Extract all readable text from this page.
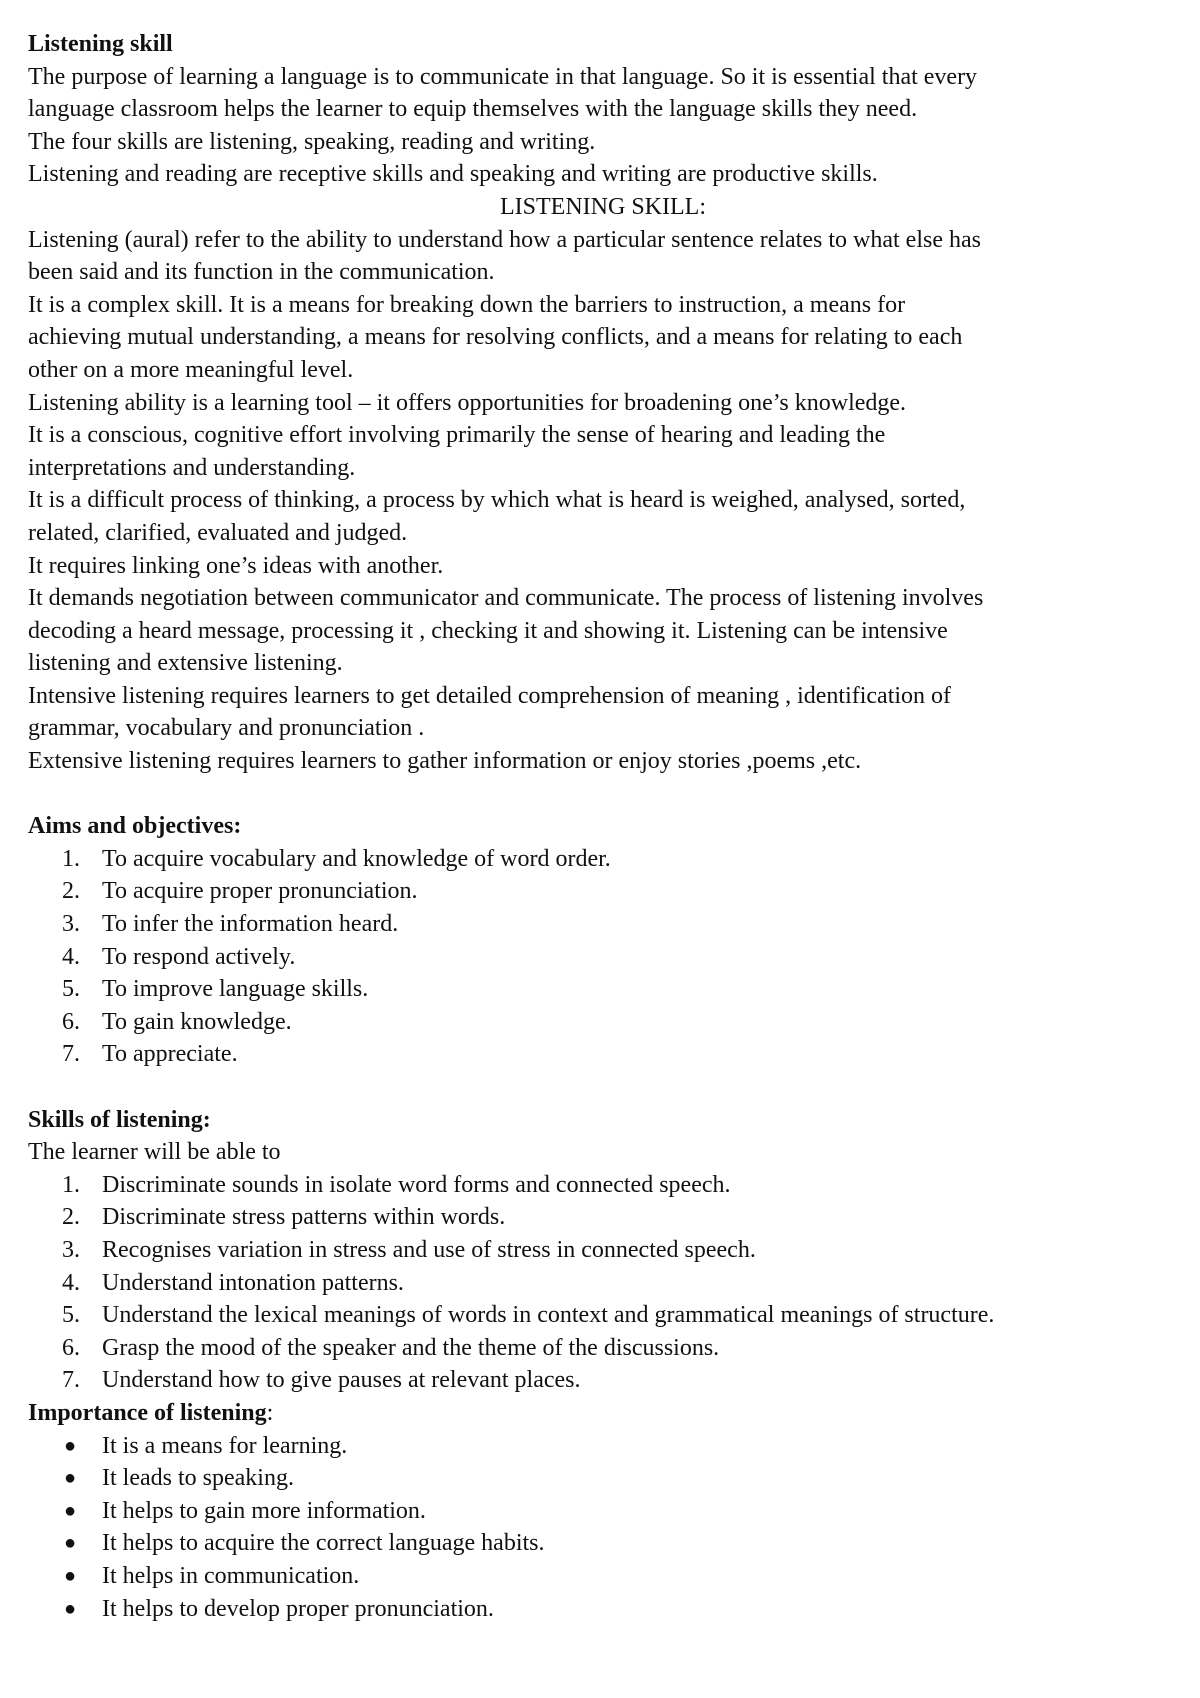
Listening skill

The purpose of learning a language is to communicate in that language. So it is essential that every

language classroom helps the learner to equip themselves with the language skills they need.

The four skills are listening, speaking, reading and writing.

Listening and reading are receptive skills and speaking and writing are productive skills.

LISTENING SKILL:

Listening (aural) refer to the ability to understand how a particular sentence relates to what else has

been said and its function in the communication.

It is a complex skill. It is a means for breaking down the barriers to instruction, a means for

achieving mutual understanding, a means for resolving conflicts, and a means for relating to each

other on a more meaningful level.

Listening ability is a learning tool – it offers opportunities for broadening one’s knowledge.

It is a conscious, cognitive effort involving primarily the sense of hearing and leading the

interpretations and understanding.

It is a difficult process of thinking, a process by which what is heard is weighed, analysed, sorted,

related, clarified, evaluated and judged.

It requires linking one’s ideas with another.

It demands negotiation between communicator and communicate. The process of listening involves

decoding a heard message, processing it , checking it and showing it. Listening can be intensive

listening and extensive listening.

Intensive listening requires learners to get detailed comprehension of meaning , identification of

grammar, vocabulary and pronunciation .

Extensive listening requires learners to gather information or enjoy stories ,poems ,etc.

Aims and objectives:

1. To acquire vocabulary and knowledge of word order.
2. To acquire proper pronunciation.
3. To infer the information heard.
4. To respond actively.
5. To improve language skills.
6. To gain knowledge.
7. To appreciate.

Skills of listening:

The learner will be able to

1. Discriminate sounds in isolate word forms and connected speech.
2. Discriminate stress patterns within words.
3. Recognises variation in stress and use of stress in connected speech.
4. Understand intonation patterns.
5. Understand the lexical meanings of words in context and grammatical meanings of structure.
6. Grasp the mood of the speaker and the theme of the discussions.
7. Understand how to give pauses at relevant places.

Importance of listening:

●	It is a means for learning.
●	It leads to speaking.
●	It helps to gain more information.
●	It helps to acquire the correct language habits.
●	It helps in communication.
●	It helps to develop proper pronunciation.
